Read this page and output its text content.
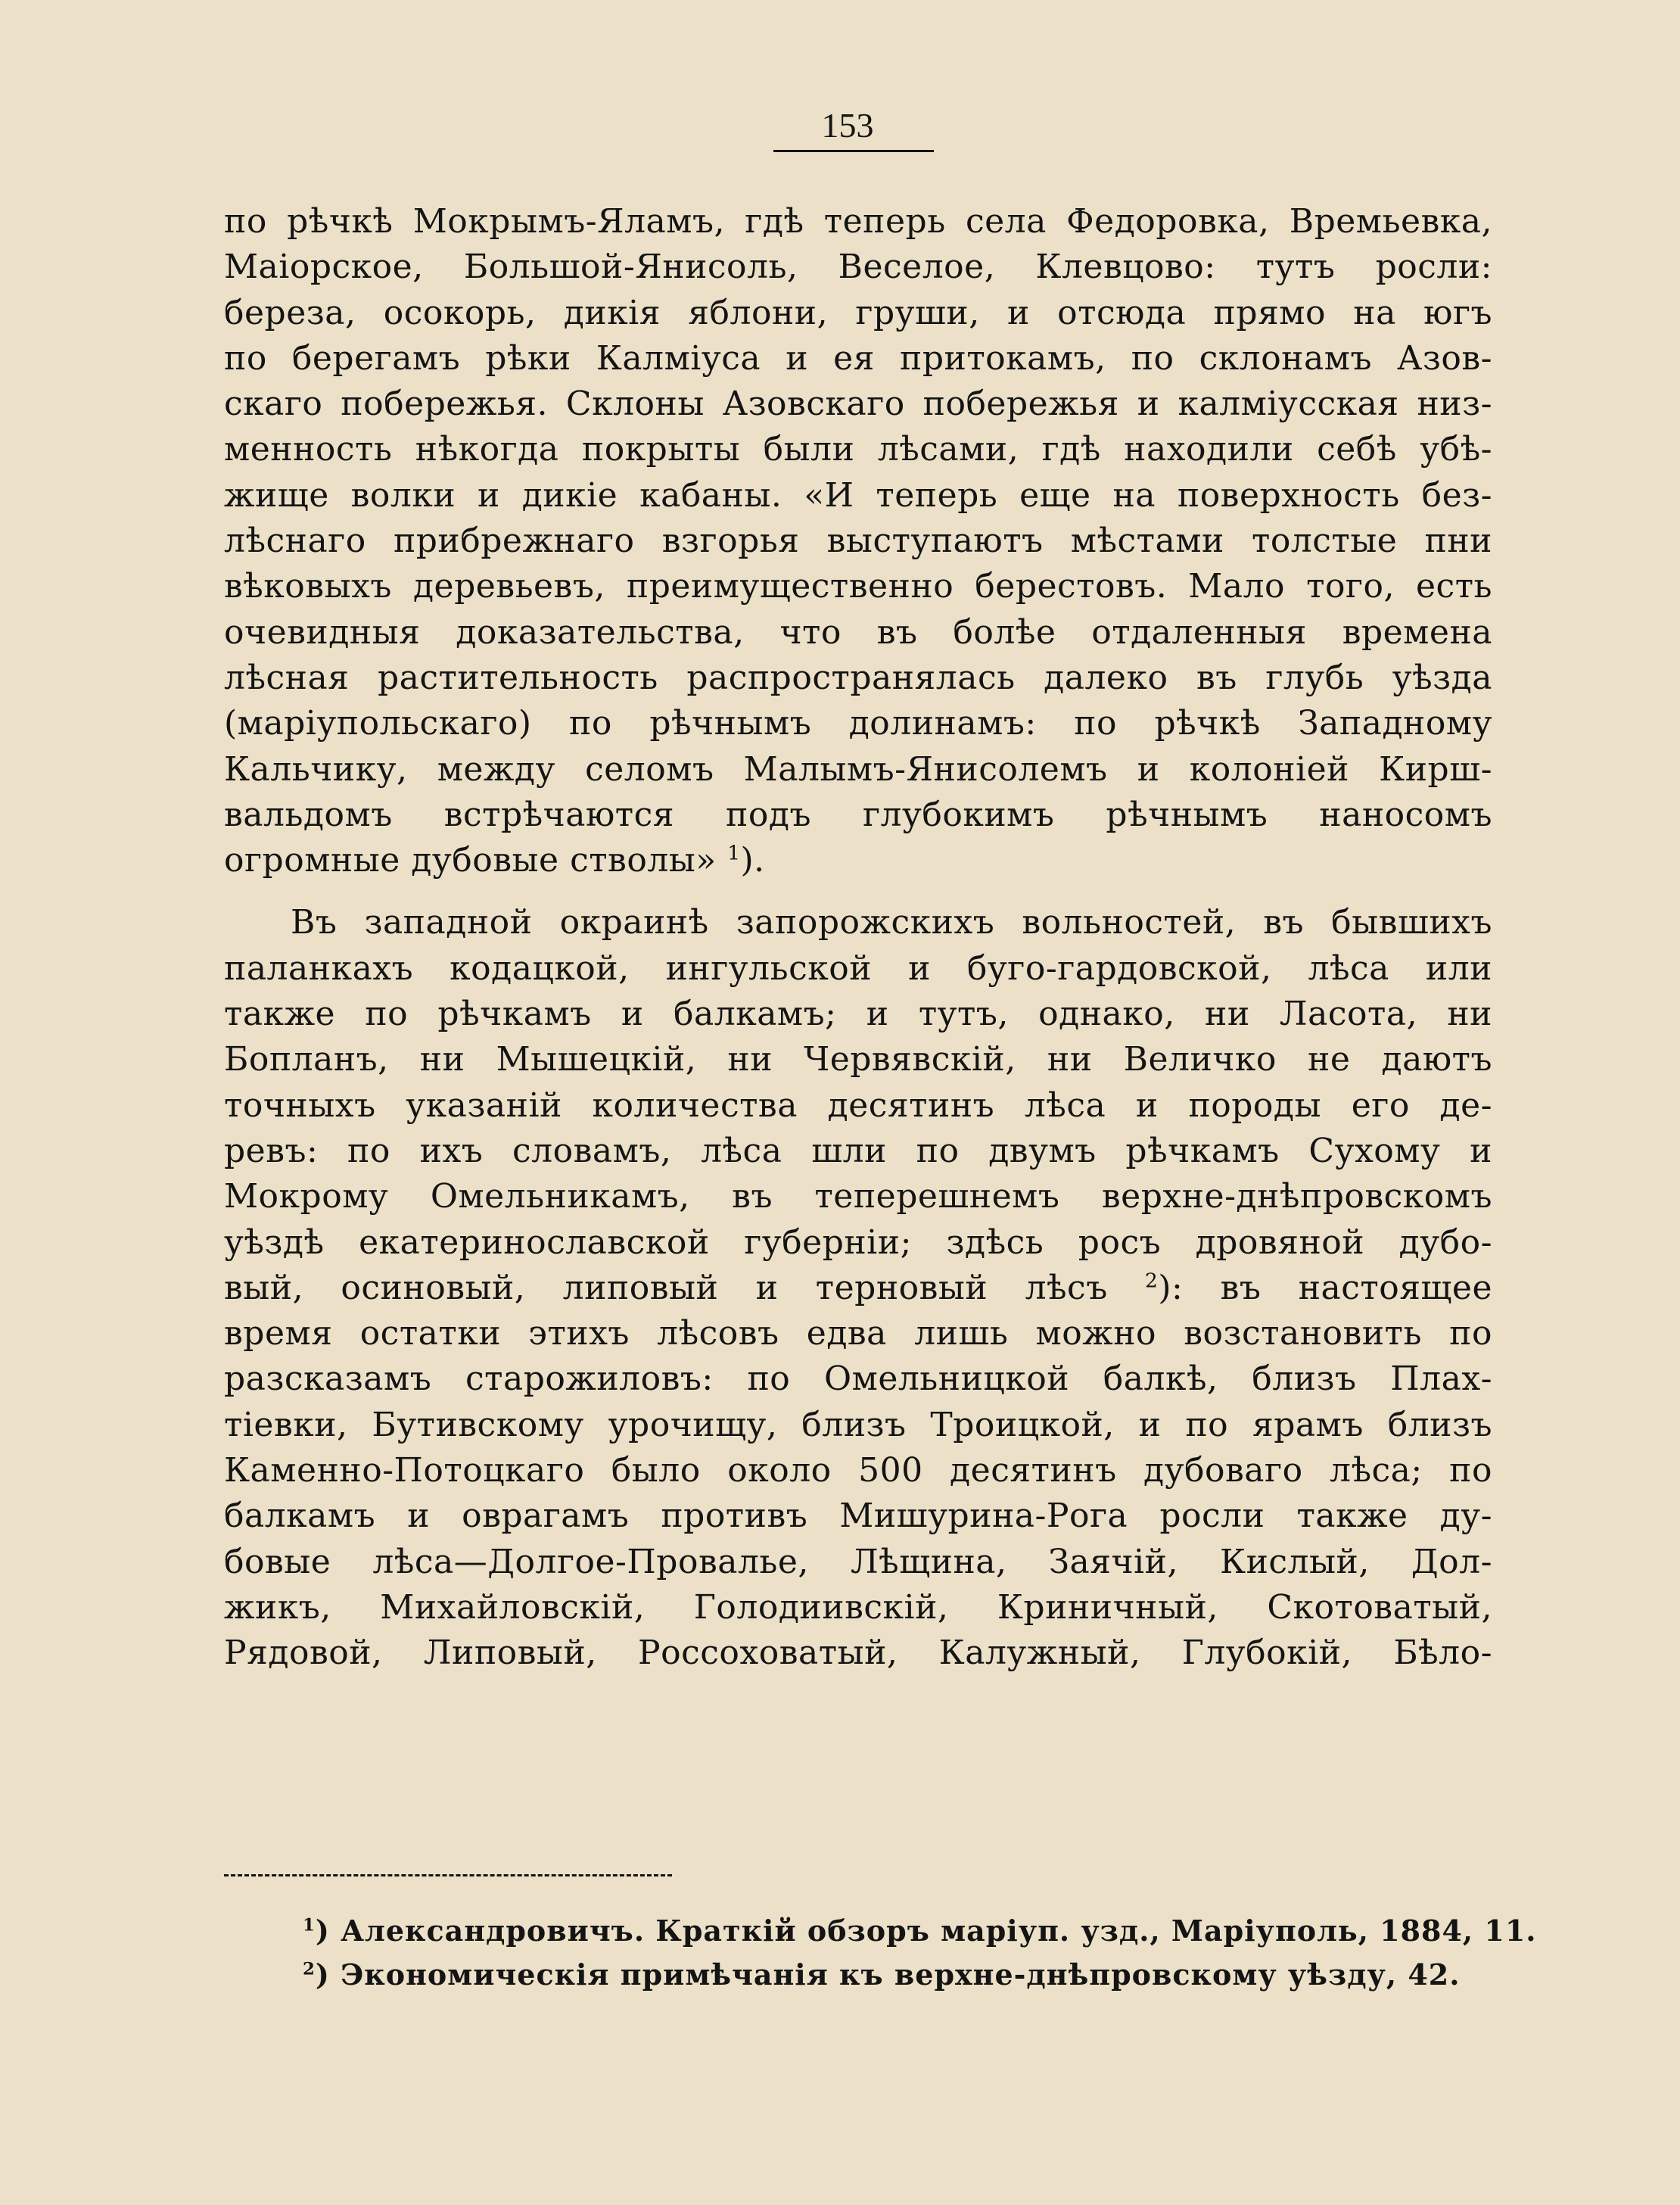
153
по рѣчкѣ Мокрымъ-Яламъ, гдѣ теперь села Федоровка, Времьевка,
Маiорское, Большой-Янисоль, Веселое, Клевцово: тутъ росли:
береза, осокорь, дикiя яблони, груши, и отсюда прямо на югъ
по берегамъ рѣки Калмiуса и ея притокамъ, по склонамъ Азов-
скаго побережья. Склоны Азовскаго побережья и калмiусская низ-
менность нѣкогда покрыты были лѣсами, гдѣ находили себѣ убѣ-
жище волки и дикiе кабаны. «И теперь еще на поверхность без-
лѣснаго прибрежнаго взгорья выступаютъ мѣстами толстые пни
вѣковыхъ деревьевъ, преимущественно берестовъ. Мало того, есть
очевидныя доказательства, что въ болѣе отдаленныя времена
лѣсная растительность распространялась далеко въ глубь уѣзда
(марiупольскаго) по рѣчнымъ долинамъ: по рѣчкѣ Западному
Кальчику, между селомъ Малымъ-Янисолемъ и колонiей Кирш-
вальдомъ встрѣчаются подъ глубокимъ рѣчнымъ наносомъ
огромные дубовые стволы» $^1$).
Въ западной окраинѣ запорожскихъ вольностей, въ бывшихъ
паланкахъ кодацкой, ингульской и буго-гардовской, лѣса или
также по рѣчкамъ и балкамъ; и тутъ, однако, ни Ласота, ни
Бопланъ, ни Мышецкiй, ни Червявскiй, ни Величко не даютъ
точныхъ указанiй количества десятинъ лѣса и породы его де-
ревъ: по ихъ словамъ, лѣса шли по двумъ рѣчкамъ Сухому и
Мокрому Омельникамъ, въ теперешнемъ верхне-днѣпровскомъ
уѣздѣ екатеринославской губернiи; здѣсь росъ дровяной дубо-
вый, осиновый, липовый и терновый лѣсъ $^2$): въ настоящее
время остатки этихъ лѣсовъ едва лишь можно возстановить по
разсказамъ старожиловъ: по Омельницкой балкѣ, близъ Плах-
тiевки, Бутивскому урочищу, близъ Троицкой, и по ярамъ близъ
Каменно-Потоцкаго было около 500 десятинъ дубоваго лѣса; по
балкамъ и оврагамъ противъ Мишурина-Рога росли также ду-
бовые лѣса—Долгое-Провалье, Лѣщина, Заячiй, Кислый, Дол-
жикъ, Михайловскiй, Голодиивскiй, Криничный, Скотоватый,
Рядовой, Липовый, Россоховатый, Калужный, Глубокiй, Бѣло-
$^1$) Александровичъ. Краткiй обзоръ марiуп. узд., Марiуполь, 1884, 11.
$^2$) Экономическiя примѣчанiя къ верхне-днѣпровскому уѣзду, 42.
